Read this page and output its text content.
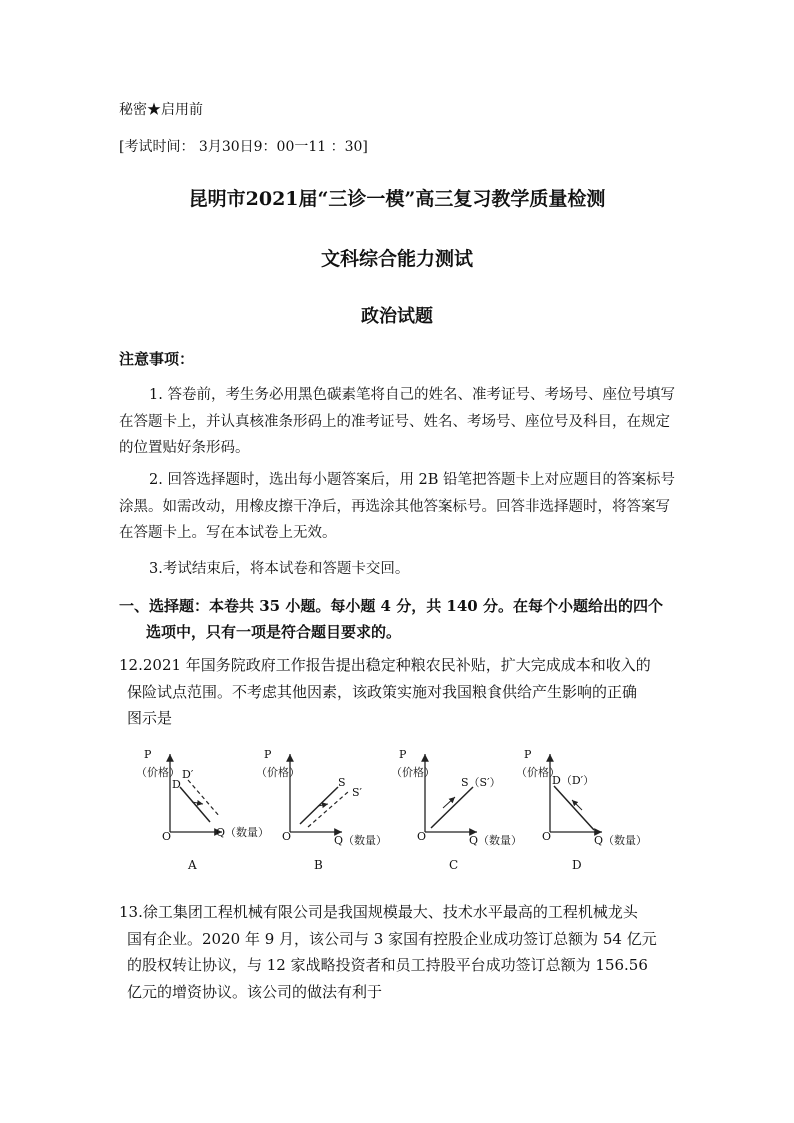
秘密★启用前
[考试时间： 3月30日9：00一11 ：30]
昆明市2021届“三诊一模”高三复习教学质量检测
文科综合能力测试
政治试题
注意事项：
1. 答卷前，考生务必用黑色碳素笔将自己的姓名、准考证号、考场号、座位号填写在答题卡上，并认真核准条形码上的准考证号、姓名、考场号、座位号及科目，在规定的位置贴好条形码。
2. 回答选择题时，选出每小题答案后，用 2B 铅笔把答题卡上对应题目的答案标号涂黑。如需改动，用橡皮擦干净后，再选涂其他答案标号。回答非选择题时，将答案写在答题卡上。写在本试卷上无效。
3.考试结束后，将本试卷和答题卡交回。
一、选择题：本卷共 35 小题。每小题 4 分，共 140 分。在每个小题给出的四个
选项中，只有一项是符合题目要求的。
12.2021 年国务院政府工作报告提出稳定种粮农民补贴，扩大完成成本和收入的
保险试点范围。不考虑其他因素，该政策实施对我国粮食供给产生影响的正确
图示是
P
（价格） D′
D
O	Q（数量）
A
P
（价格）
S
S′
O	Q（数量）
B
P
（价格）
S（S′）
O	Q（数量）
C
P
（价格）
D（D′）
O	Q（数量）
D
13.徐工集团工程机械有限公司是我国规模最大、技术水平最高的工程机械龙头
国有企业。2020 年 9 月，该公司与 3 家国有控股企业成功签订总额为 54 亿元
的股权转让协议，与 12 家战略投资者和员工持股平台成功签订总额为 156.56
亿元的增资协议。该公司的做法有利于
